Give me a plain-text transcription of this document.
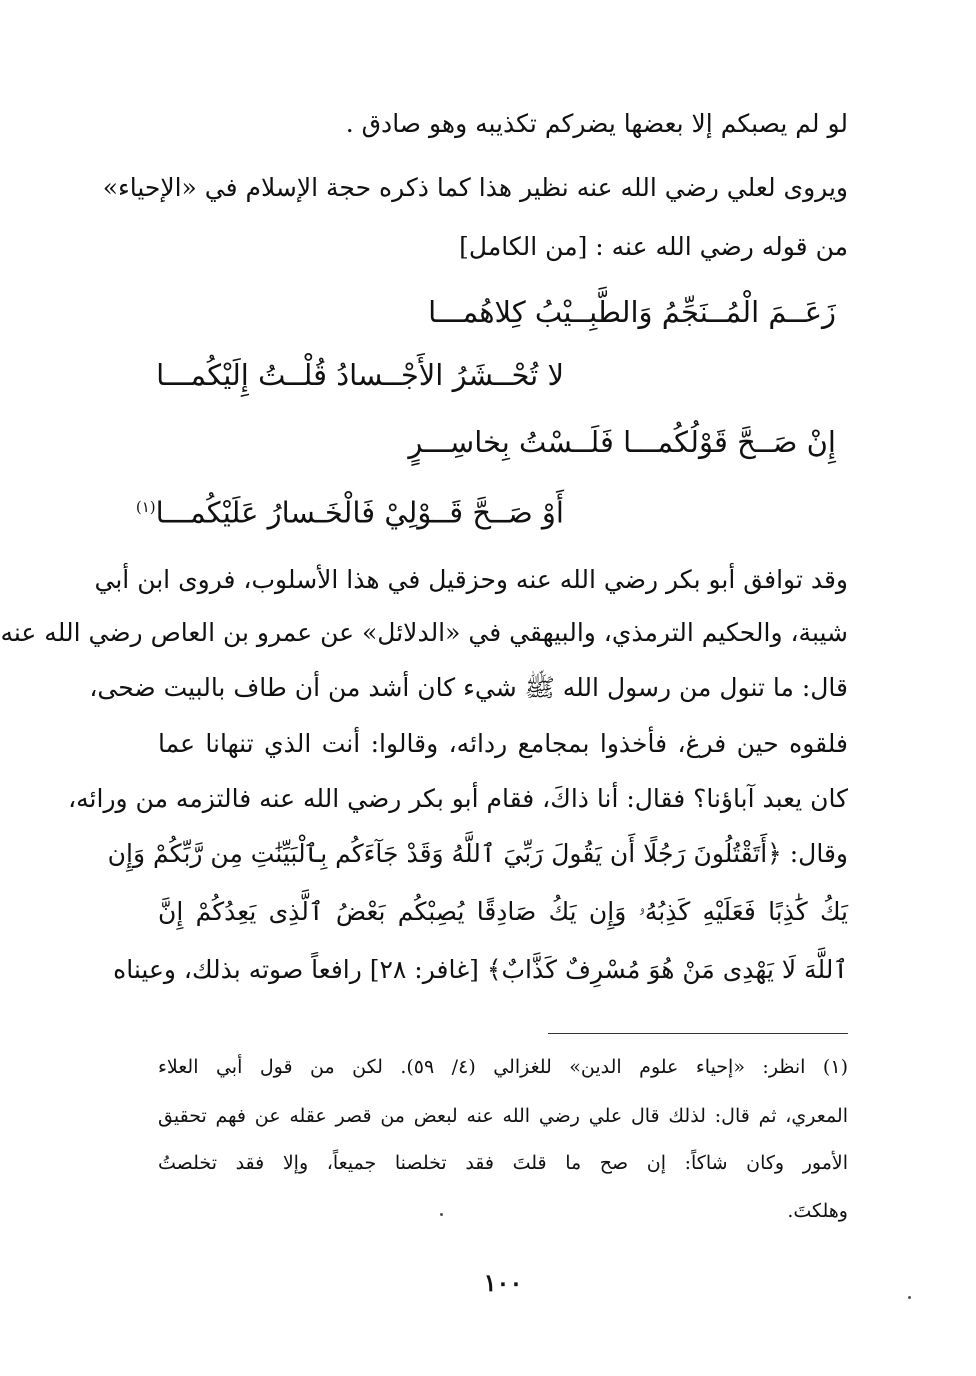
لو لم يصبكم إلا بعضها يضركم تكذيبه وهو صادق .
ويروى لعلي رضي الله عنه نظير هذا كما ذكره حجة الإسلام في «الإحياء»
من قوله رضي الله عنه : [من الكامل]
زَعَــمَ الْمُــنَجِّمُ وَالطَّبِــيْبُ كِلاهُمـــا
لا تُحْــشَرُ الأَجْــسادُ قُلْــتُ إِلَيْكُمـــا
إِنْ صَــحَّ قَوْلُكُمـــا فَلَــسْتُ بِخاسِـــرٍ
أَوْ صَــحَّ قَــوْلِيْ فَالْخَـسارُ عَلَيْكُمـــا$^{(١)}$
وقد توافق أبو بكر رضي الله عنه وحزقيل في هذا الأسلوب، فروى ابن أبي
شيبة، والحكيم الترمذي، والبيهقي في «الدلائل» عن عمرو بن العاص رضي الله عنه
قال: ما تنول من رسول الله ﷺ شيء كان أشد من أن طاف بالبيت ضحى،
فلقوه حين فرغ، فأخذوا بمجامع ردائه، وقالوا: أنت الذي تنهانا عما
كان يعبد آباؤنا؟ فقال: أنا ذاكَ، فقام أبو بكر رضي الله عنه فالتزمه من ورائه،
وقال: ﴿أَتَقْتُلُونَ رَجُلًا أَن يَقُولَ رَبِّيَ ٱللَّهُ وَقَدْ جَآءَكُم بِٱلْبَيِّنَٰتِ مِن رَّبِّكُمْ وَإِن
يَكُ كَٰذِبًا فَعَلَيْهِ كَذِبُهُۥ وَإِن يَكُ صَادِقًا يُصِبْكُم بَعْضُ ٱلَّذِى يَعِدُكُمْ إِنَّ
ٱللَّهَ لَا يَهْدِى مَنْ هُوَ مُسْرِفٌ كَذَّابٌ﴾ [غافر: ٢٨] رافعاً صوته بذلك، وعيناه
(١) انظر: «إحياء علوم الدين» للغزالي (٤/ ٥٩). لكن من قول أبي العلاء
المعري، ثم قال: لذلك قال علي رضي الله عنه لبعض من قصر عقله عن فهم تحقيق
الأمور وكان شاكاً: إن صح ما قلتَ فقد تخلصنا جميعاً، وإلا فقد تخلصتُ
وهلكتَ.
١٠٠
